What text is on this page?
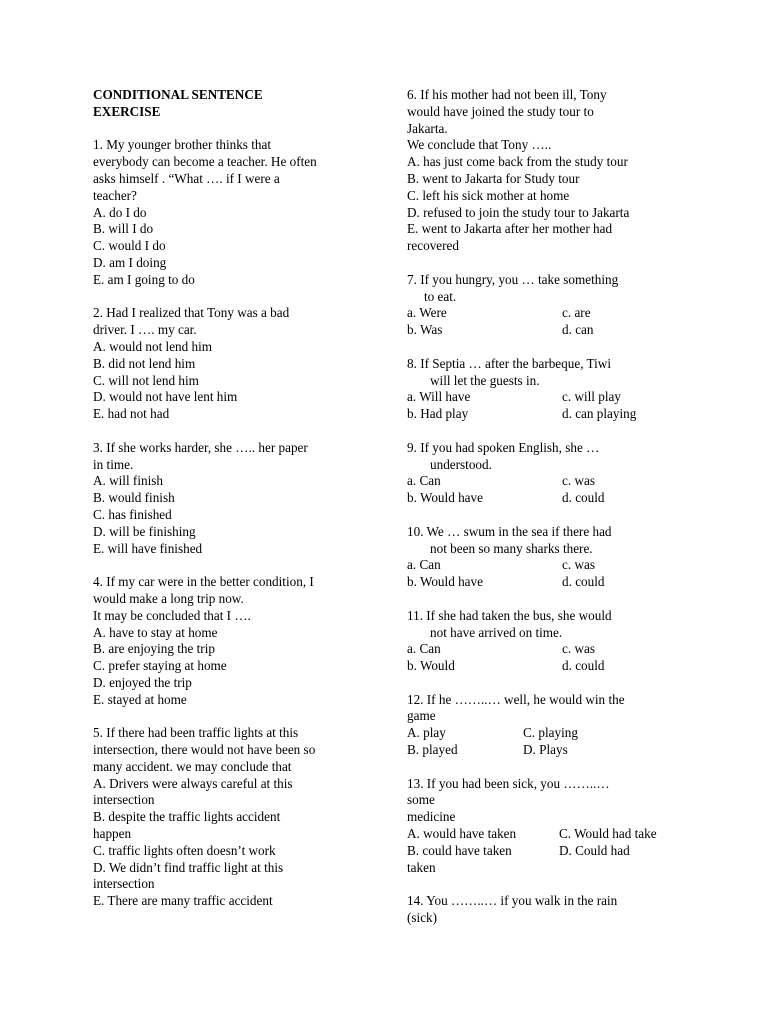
CONDITIONAL SENTENCE
EXERCISE
1. My younger brother thinks that
everybody can become a teacher. He often
asks himself . “What …. if I were a
teacher?
A. do I do
B. will I do
C. would I do
D. am I doing
E. am I going to do
2. Had I realized that Tony was a bad
driver. I …. my car.
A. would not lend him
B. did not lend him
C. will not lend him
D. would not have lent him
E. had not had
3. If she works harder, she ….. her paper
in time.
A. will finish
B. would finish
C. has finished
D. will be finishing
E. will have finished
4. If my car were in the better condition, I
would make a long trip now.
It may be concluded that I ….
A. have to stay at home
B. are enjoying the trip
C. prefer staying at home
D. enjoyed the trip
E. stayed at home
5. If there had been traffic lights at this
intersection, there would not have been so
many accident. we may conclude that
A. Drivers were always careful at this
intersection
B. despite the traffic lights accident
happen
C. traffic lights often doesn’t work
D. We didn’t find traffic light at this
intersection
E. There are many traffic accident
6. If his mother had not been ill, Tony
would have joined the study tour to
Jakarta.
We conclude that Tony …..
A. has just come back from the study tour
B. went to Jakarta for Study tour
C. left his sick mother at home
D. refused to join the study tour to Jakarta
E. went to Jakarta after her mother had
recovered
7. If you hungry, you … take something
to eat.
a. Were	c. are
b. Was	d. can
8. If Septia … after the barbeque, Tiwi
will let the guests in.
a. Will have	c. will play
b. Had play	d. can playing
9. If you had spoken English, she …
understood.
a. Can	c. was
b. Would have	d. could
10. We … swum in the sea if there had
not been so many sharks there.
a. Can	c. was
b. Would have	d. could
11. If she had taken the bus, she would
not have arrived on time.
a. Can	c. was
b. Would	d. could
12. If he ……..… well, he would win the
game
A. play	C. playing
B. played	D. Plays
13. If you had been sick, you ……..…
some
medicine
A. would have taken	C. Would had take
B. could have taken	D. Could had
taken
14. You ……..… if you walk in the rain
(sick)
